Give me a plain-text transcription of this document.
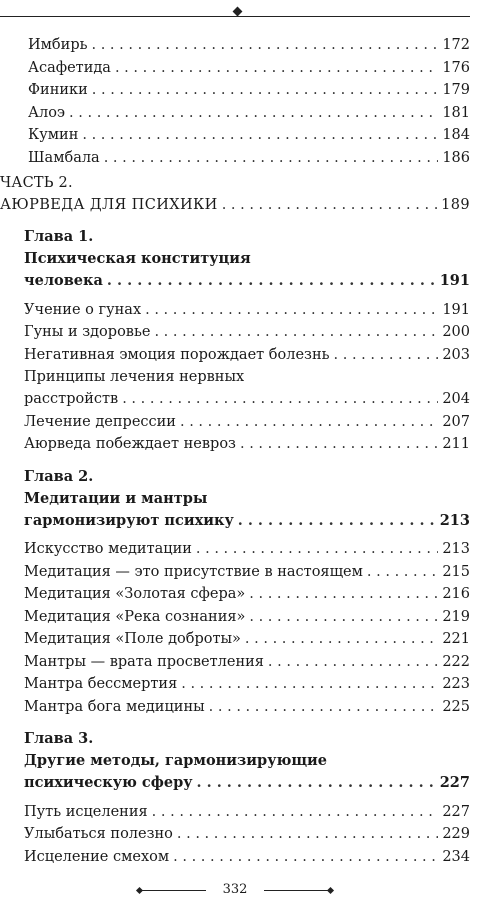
Имбирь . . .	172
Асафетида . . .	176
Финики . . .	179
Алоэ . . .	181
Кумин . . .	184
Шамбала . . .	186
ЧАСТЬ 2.
АЮРВЕДА ДЛЯ ПСИХИКИ . . .	189
Глава 1.
Психическая конституция
человека . . .	191
Учение о гунах . . .	191
Гуны и здоровье . . .	200
Негативная эмоция порождает болезнь . . .	203
Принципы лечения нервных
расстройств . . .	204
Лечение депрессии . . .	207
Аюрведа побеждает невроз . . .	211
Глава 2.
Медитации и мантры
гармонизируют психику . . .	213
Искусство медитации . . .	213
Медитация — это присутствие в настоящем . . .	215
Медитация «Золотая сфера» . . .	216
Медитация «Река сознания» . . .	219
Медитация «Поле доброты» . . .	221
Мантры — врата просветления . . .	222
Мантра бессмертия . . .	223
Мантра бога медицины . . .	225
Глава 3.
Другие методы, гармонизирующие
психическую сферу . . .	227
Путь исцеления . . .	227
Улыбаться полезно . . .	229
Исцеление смехом . . .	234
332
